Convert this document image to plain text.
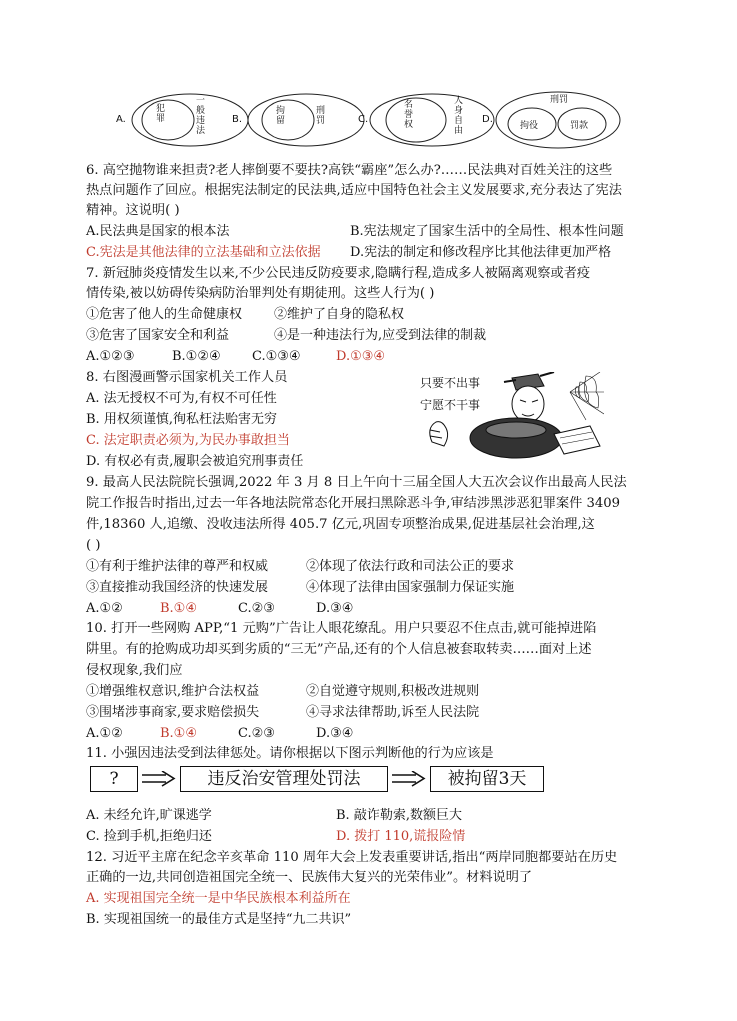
A.
犯罪
一般违法
B.
拘留
刑罚	C.
名誉权
人身自由
D.
刑罚
拘役	罚款
6. 高空抛物谁来担责?老人摔倒要不要扶?高铁“霸座”怎么办?……民法典对百姓关注的这些
热点问题作了回应。根据宪法制定的民法典,适应中国特色社会主义发展要求,充分表达了宪法
精神。这说明( )
A.民法典是国家的根本法	B.宪法规定了国家生活中的全局性、根本性问题
C.宪法是其他法律的立法基础和立法依据 D.宪法的制定和修改程序比其他法律更加严格
7. 新冠肺炎疫情发生以来,不少公民违反防疫要求,隐瞒行程,造成多人被隔离观察或者疫
情传染,被以妨碍传染病防治罪判处有期徒刑。这些人行为( )
①危害了他人的生命健康权 ②维护了自身的隐私权
③危害了国家安全和利益	④是一种违法行为,应受到法律的制裁
A.①②③	B.①②④ C.①③④	D.①③④
8. 右图漫画警示国家机关工作人员
A. 法无授权不可为,有权不可任性
B. 用权须谨慎,徇私枉法贻害无穷
C. 法定职责必须为,为民办事敢担当
D. 有权必有责,履职会被追究刑事责任
只要不出事
宁愿不干事
9. 最高人民法院院长强调,2022 年 3 月 8 日上午向十三届全国人大五次会议作出最高人民法
院工作报告时指出,过去一年各地法院常态化开展扫黑除恶斗争,审结涉黑涉恶犯罪案件 3409
件,18360 人,追缴、没收违法所得 405.7 亿元,巩固专项整治成果,促进基层社会治理,这
( )
①有利于维护法律的尊严和权威	②体现了依法行政和司法公正的要求
③直接推动我国经济的快速发展	④体现了法律由国家强制力保证实施
A.①②	B.①④	C.②③	D.③④
10. 打开一些网购 APP,“1 元购”广告让人眼花缭乱。用户只要忍不住点击,就可能掉进陷
阱里。有的抢购成功却买到劣质的“三无”产品,还有的个人信息被套取转卖……面对上述
侵权现象,我们应
①增强维权意识,维护合法权益	②自觉遵守规则,积极改进规则
③围堵涉事商家,要求赔偿损失	④寻求法律帮助,诉至人民法院
A.①②	B.①④	C.②③	D.③④
11. 小强因违法受到法律惩处。请你根据以下图示判断他的行为应该是
?	违反治安管理处罚法	被拘留3天
A. 未经允许,旷课逃学	B. 敲诈勒索,数额巨大
C. 捡到手机,拒绝归还	D. 拨打 110,谎报险情
12. 习近平主席在纪念辛亥革命 110 周年大会上发表重要讲话,指出“两岸同胞都要站在历史
正确的一边,共同创造祖国完全统一、民族伟大复兴的光荣伟业”。材料说明了
A. 实现祖国完全统一是中华民族根本利益所在
B. 实现祖国统一的最佳方式是坚持“九二共识”
